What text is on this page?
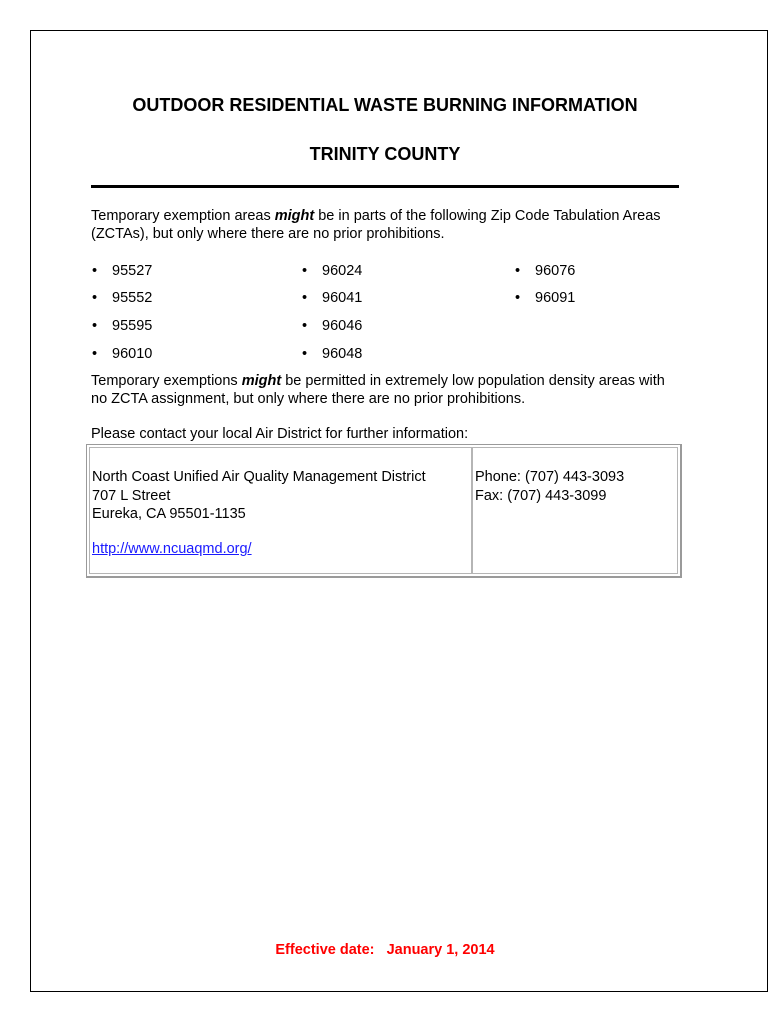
OUTDOOR RESIDENTIAL WASTE BURNING INFORMATION
TRINITY COUNTY
Temporary exemption areas might be in parts of the following Zip Code Tabulation Areas (ZCTAs), but only where there are no prior prohibitions.
• 95527
• 95552
• 95595
• 96010
• 96024
• 96041
• 96046
• 96048
• 96076
• 96091
Temporary exemptions might be permitted in extremely low population density areas with no ZCTA assignment, but only where there are no prior prohibitions.
Please contact your local Air District for further information:
North Coast Unified Air Quality Management District
707 L Street
Eureka, CA 95501-1135
http://www.ncuaqmd.org/
Phone: (707) 443-3093
Fax: (707) 443-3099
Effective date: January 1, 2014
